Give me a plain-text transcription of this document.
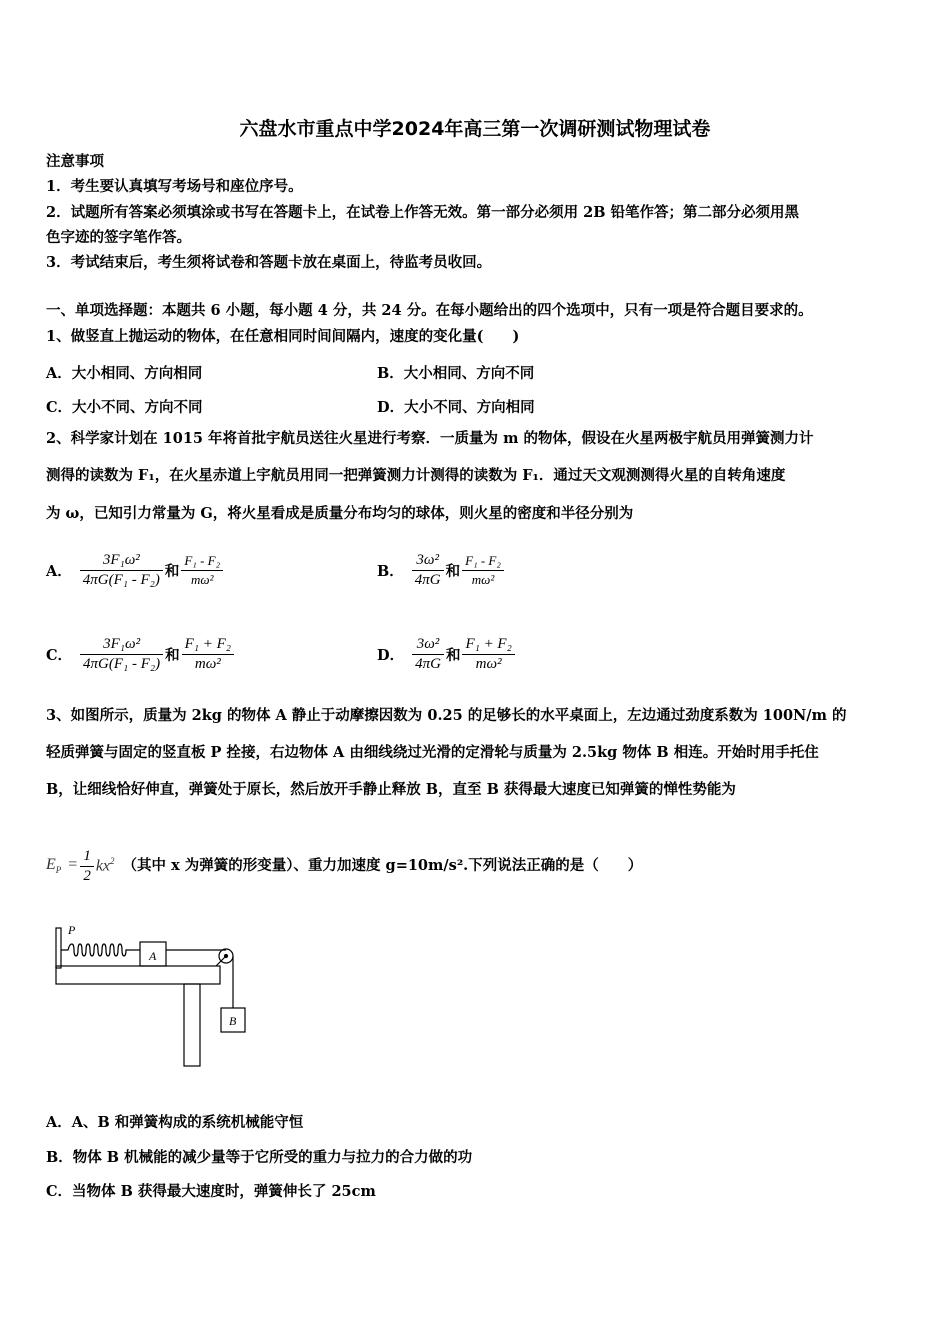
六盘水市重点中学2024年高三第一次调研测试物理试卷
注意事项
1．考生要认真填写考场号和座位序号。
2．试题所有答案必须填涂或书写在答题卡上，在试卷上作答无效。第一部分必须用 2B 铅笔作答；第二部分必须用黑
色字迹的签字笔作答。
3．考试结束后，考生须将试卷和答题卡放在桌面上，待监考员收回。
一、单项选择题：本题共 6 小题，每小题 4 分，共 24 分。在每小题给出的四个选项中，只有一项是符合题目要求的。
1、做竖直上抛运动的物体，在任意相同时间间隔内，速度的变化量(　　)
A．大小相同、方向相同	B．大小相同、方向不同
C．大小不同、方向不同	D．大小不同、方向相同
2、科学家计划在 1015 年将首批宇航员送往火星进行考察．一质量为 m 的物体，假设在火星两极宇航员用弹簧测力计
测得的读数为 F₁，在火星赤道上宇航员用同一把弹簧测力计测得的读数为 F₁．通过天文观测测得火星的自转角速度
为 ω，已知引力常量为 G，将火星看成是质量分布均匀的球体，则火星的密度和半径分别为
A． $\frac{\text{3F₁ω²}}{\text{4πG(F₁ - F₂)}}$ 和 $\frac{\text{F₁ - F₂}}{\text{mω²}}$	B． $\frac{\text{3ω²}}{4\pi G}$ 和 $\frac{\text{F₁ - F₂}}{\text{mω²}}$
C． $\frac{\text{3F₁ω²}}{\text{4πG(F₁ - F₂)}}$ 和 $\frac{\text{F₁ + F₂}}{\text{mω²}}$	D． $\frac{\text{3ω²}}{4\pi G}$ 和 $\frac{\text{F₁ + F₂}}{\text{mω²}}$
3、如图所示，质量为 2kg 的物体 A 静止于动摩擦因数为 0.25 的足够长的水平桌面上，左边通过劲度系数为 100N/m 的
轻质弹簧与固定的竖直板 P 拴接，右边物体 A 由细线绕过光滑的定滑轮与质量为 2.5kg 物体 B 相连。开始时用手托住
B，让细线恰好伸直，弹簧处于原长，然后放开手静止释放 B，直至 B 获得最大速度已知弹簧的惮性势能为
$E_P = \frac{1}{2} kx^2$ （其中 x 为弹簧的形变量）、重力加速度 g=10m/s².下列说法正确的是（　　）
P
A
B
A．A、B 和弹簧构成的系统机械能守恒
B．物体 B 机械能的减少量等于它所受的重力与拉力的合力做的功
C．当物体 B 获得最大速度时，弹簧伸长了 25cm
